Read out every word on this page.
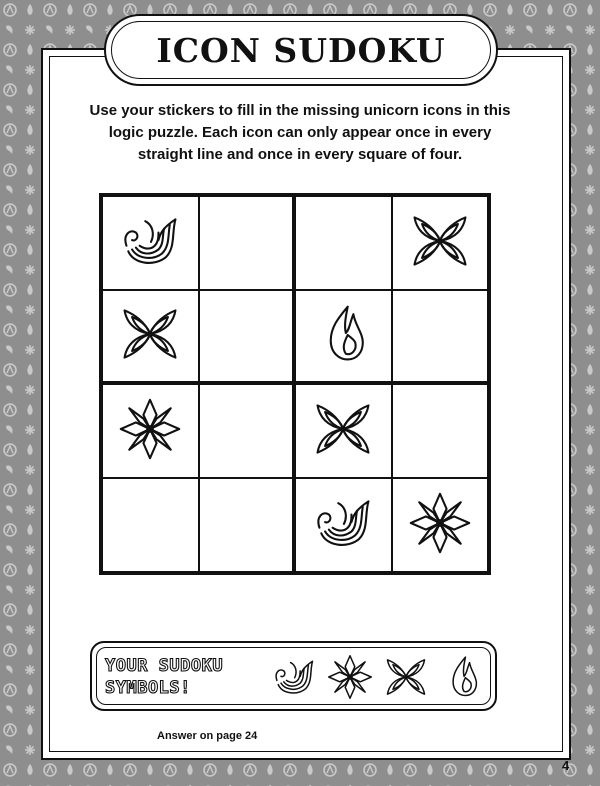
ICON SUDOKU
Use your stickers to fill in the missing unicorn icons in this logic puzzle. Each icon can only appear once in every straight line and once in every square of four.
YOUR SUDOKU
SYMBOLS!
Answer on page 24
4
